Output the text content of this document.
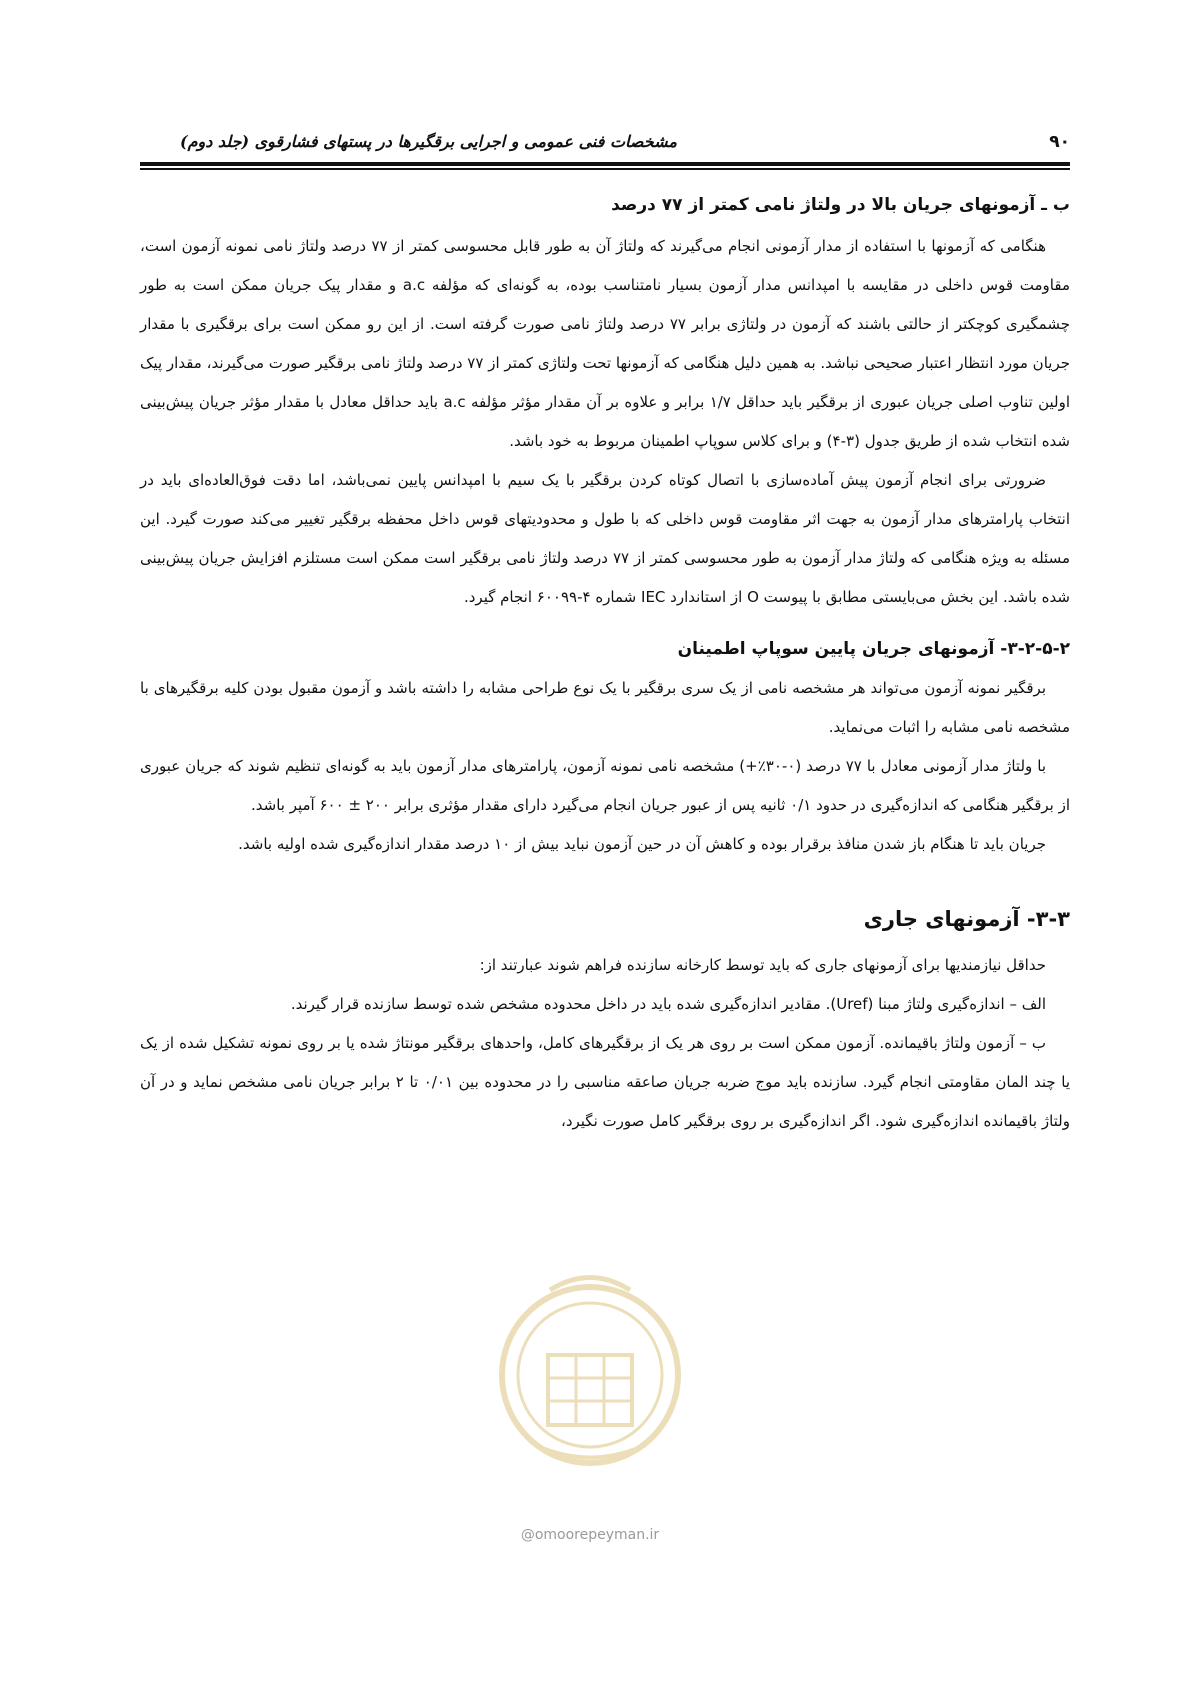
۹۰
مشخصات فنی عمومی و اجرایی برقگیرها در پستهای فشارقوی (جلد دوم)
ب ـ آزمونهای جریان بالا در ولتاژ نامی کمتر از ۷۷ درصد

هنگامی که آزمونها با استفاده از مدار آزمونی انجام می‌گیرند که ولتاژ آن به طور قابل محسوسی کمتر از ۷۷ درصد ولتاژ نامی نمونه آزمون است، مقاومت قوس داخلی در مقایسه با امپدانس مدار آزمون بسیار نامتناسب بوده، به گونه‌ای که مؤلفه a.c و مقدار پیک جریان ممکن است به طور چشمگیری کوچکتر از حالتی باشند که آزمون در ولتاژی برابر ۷۷ درصد ولتاژ نامی صورت گرفته است. از این رو ممکن است برای برقگیری با مقدار جریان مورد انتظار اعتبار صحیحی نباشد. به همین دلیل هنگامی که آزمونها تحت ولتاژی کمتر از ۷۷ درصد ولتاژ نامی برقگیر صورت می‌گیرند، مقدار پیک اولین تناوب اصلی جریان عبوری از برقگیر باید حداقل ۱/۷ برابر و علاوه بر آن مقدار مؤثر مؤلفه a.c باید حداقل معادل با مقدار مؤثر جریان پیش‌بینی شده انتخاب شده از طریق جدول (۳-۴) و برای کلاس سوپاپ اطمینان مربوط به خود باشد.

ضرورتی برای انجام آزمون پیش آماده‌سازی با اتصال کوتاه کردن برقگیر با یک سیم با امپدانس پایین نمی‌باشد، اما دقت فوق‌العاده‌ای باید در انتخاب پارامترهای مدار آزمون به جهت اثر مقاومت قوس داخلی که با طول و محدودیتهای قوس داخل محفظه برقگیر تغییر می‌کند صورت گیرد. این مسئله به ویژه هنگامی که ولتاژ مدار آزمون به طور محسوسی کمتر از ۷۷ درصد ولتاژ نامی برقگیر است ممکن است مستلزم افزایش جریان پیش‌بینی شده باشد. این بخش می‌بایستی مطابق با پیوست O از استاندارد IEC شماره ۴-۶۰۰۹۹ انجام گیرد.

۳-۲-۵-۲- آزمونهای جریان پایین سوپاپ اطمینان

برقگیر نمونه آزمون می‌تواند هر مشخصه نامی از یک سری برقگیر با یک نوع طراحی مشابه را داشته باشد و آزمون مقبول بودن کلیه برقگیرهای با مشخصه نامی مشابه را اثبات می‌نماید.

با ولتاژ مدار آزمونی معادل با ۷۷ درصد (۰-۳۰٪+) مشخصه نامی نمونه آزمون، پارامترهای مدار آزمون باید به گونه‌ای تنظیم شوند که جریان عبوری از برقگیر هنگامی که اندازه‌گیری در حدود ۰/۱ ثانیه پس از عبور جریان انجام می‌گیرد دارای مقدار مؤثری برابر ۲۰۰ ± ۶۰۰ آمپر باشد.

جریان باید تا هنگام باز شدن منافذ برقرار بوده و کاهش آن در حین آزمون نباید بیش از ۱۰ درصد مقدار اندازه‌گیری شده اولیه باشد.

۳-۳- آزمونهای جاری

حداقل نیازمندیها برای آزمونهای جاری که باید توسط کارخانه سازنده فراهم شوند عبارتند از:

الف – اندازه‌گیری ولتاژ مبنا (Uref). مقادیر اندازه‌گیری شده باید در داخل محدوده مشخص شده توسط سازنده قرار گیرند.

ب – آزمون ولتاژ باقیمانده. آزمون ممکن است بر روی هر یک از برقگیرهای کامل، واحدهای برقگیر مونتاژ شده یا بر روی نمونه تشکیل شده از یک یا چند المان مقاومتی انجام گیرد. سازنده باید موج ضربه جریان صاعقه مناسبی را در محدوده بین ۰/۰۱ تا ۲ برابر جریان نامی مشخص نماید و در آن ولتاژ باقیمانده اندازه‌گیری شود. اگر اندازه‌گیری بر روی برقگیر کامل صورت نگیرد،

@omoorepeyman.ir
